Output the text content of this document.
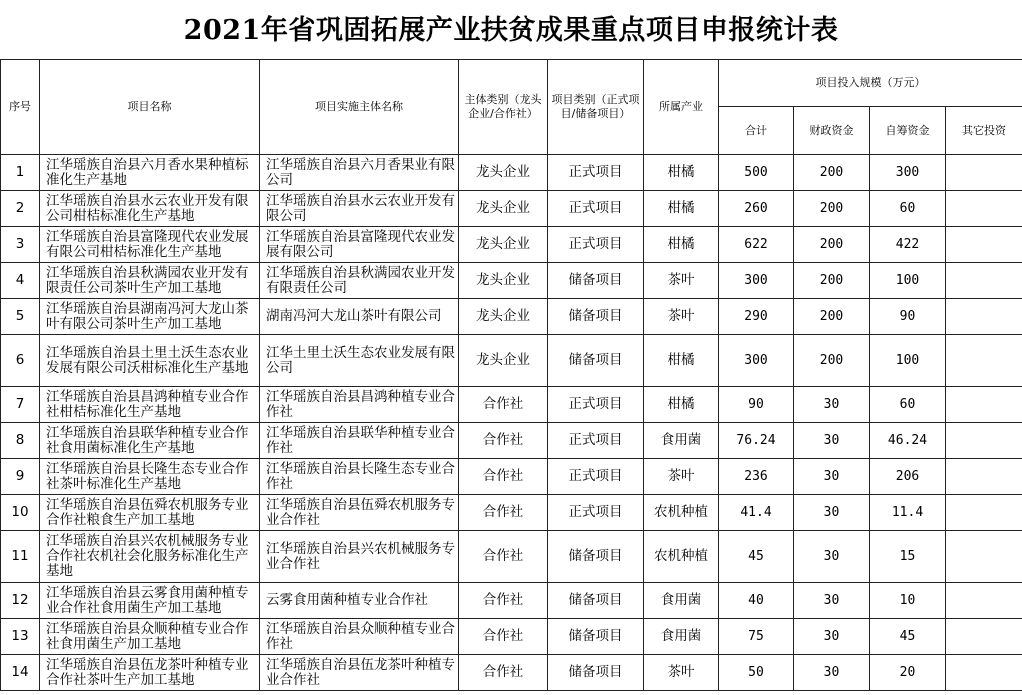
2021年省巩固拓展产业扶贫成果重点项目申报统计表
序号	项目名称	项目实施主体名称	主体类别（龙头企业/合作社）	项目类别（正式项目/储备项目）	所属产业	项目投入规模（万元）			
						合计	财政资金	自筹资金	其它投资
1	江华瑶族自治县六月香水果种植标准化生产基地	江华瑶族自治县六月香果业有限公司	龙头企业	正式项目	柑橘	500	200	300	
2	江华瑶族自治县水云农业开发有限公司柑桔标准化生产基地	江华瑶族自治县水云农业开发有限公司	龙头企业	正式项目	柑橘	260	200	60	
3	江华瑶族自治县富隆现代农业发展有限公司柑桔标准化生产基地	江华瑶族自治县富隆现代农业发展有限公司	龙头企业	正式项目	柑橘	622	200	422	
4	江华瑶族自治县秋满园农业开发有限责任公司茶叶生产加工基地	江华瑶族自治县秋满园农业开发有限责任公司	龙头企业	储备项目	茶叶	300	200	100	
5	江华瑶族自治县湖南冯河大龙山茶叶有限公司茶叶生产加工基地	湖南冯河大龙山茶叶有限公司	龙头企业	储备项目	茶叶	290	200	90	
6	江华瑶族自治县土里土沃生态农业发展有限公司沃柑标准化生产基地	江华土里土沃生态农业发展有限公司	龙头企业	储备项目	柑橘	300	200	100	
7	江华瑶族自治县昌鸿种植专业合作社柑桔标准化生产基地	江华瑶族自治县昌鸿种植专业合作社	合作社	正式项目	柑橘	90	30	60	
8	江华瑶族自治县联华种植专业合作社食用菌标准化生产基地	江华瑶族自治县联华种植专业合作社	合作社	正式项目	食用菌	76.24	30	46.24	
9	江华瑶族自治县长隆生态专业合作社茶叶标准化生产基地	江华瑶族自治县长隆生态专业合作社	合作社	正式项目	茶叶	236	30	206	
10	江华瑶族自治县伍舜农机服务专业合作社粮食生产加工基地	江华瑶族自治县伍舜农机服务专业合作社	合作社	正式项目	农机种植	41.4	30	11.4	
11	江华瑶族自治县兴农机械服务专业合作社农机社会化服务标准化生产基地	江华瑶族自治县兴农机械服务专业合作社	合作社	储备项目	农机种植	45	30	15	
12	江华瑶族自治县云雾食用菌种植专业合作社食用菌生产加工基地	云雾食用菌种植专业合作社	合作社	储备项目	食用菌	40	30	10	
13	江华瑶族自治县众顺种植专业合作社食用菌生产加工基地	江华瑶族自治县众顺种植专业合作社	合作社	储备项目	食用菌	75	30	45	
14	江华瑶族自治县伍龙茶叶种植专业合作社茶叶生产加工基地	江华瑶族自治县伍龙茶叶种植专业合作社	合作社	储备项目	茶叶	50	30	20	
